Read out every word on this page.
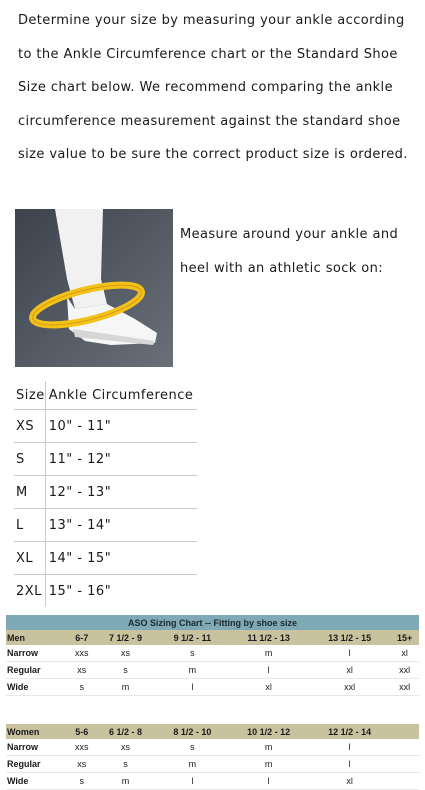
Determine your size by measuring your ankle according to the Ankle Circumference chart or the Standard Shoe Size chart below. We recommend comparing the ankle circumference measurement against the standard shoe size value to be sure the correct product size is ordered.
Measure around your ankle and heel with an athletic sock on:
Size	Ankle Circumference
XS	10" - 11"
S	11" - 12"
M	12" - 13"
L	13" - 14"
XL	14" - 15"
2XL	15" - 16"
ASO Sizing Chart -- Fitting by shoe size						
Men	6-7	7 1/2 - 9	9 1/2 - 11	11 1/2 - 13	13 1/2 - 15	15+
Narrow	xxs	xs	s	m	l	xl
Regular	xs	s	m	l	xl	xxl
Wide	s	m	l	xl	xxl	xxl

Women	5-6	6 1/2 - 8	8 1/2 - 10	10 1/2 - 12	12 1/2 - 14	
Narrow	xxs	xs	s	m	l	
Regular	xs	s	m	m	l	
Wide	s	m	l	l	xl	
